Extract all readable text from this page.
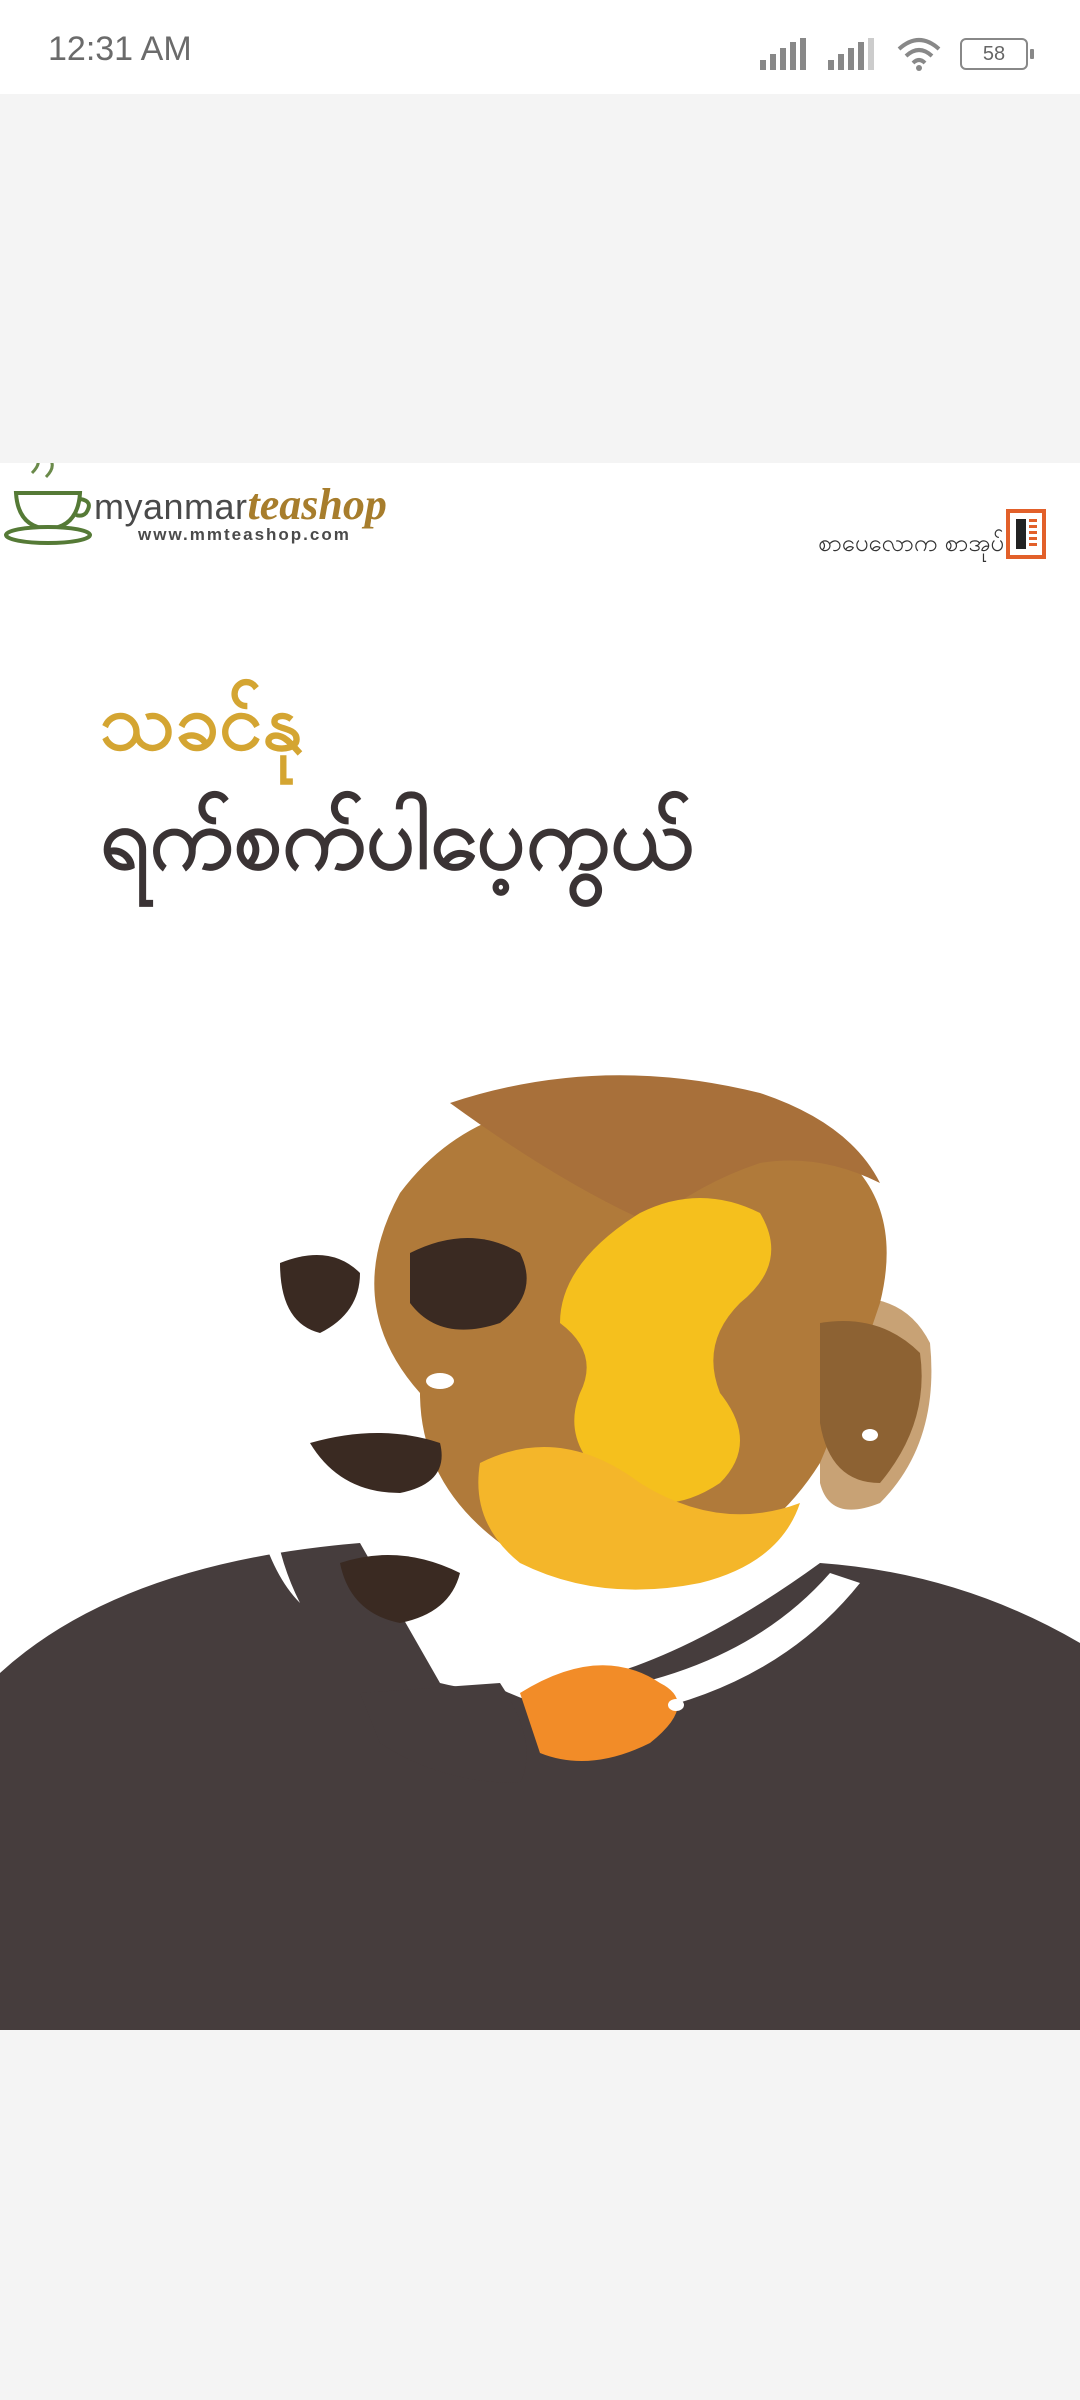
12:31 AM	58
myanmarteashop
www.mmteashop.com	စာပေလောက စာအုပ်
သခင်နု
ရက်စက်ပါပေ့ကွယ်
